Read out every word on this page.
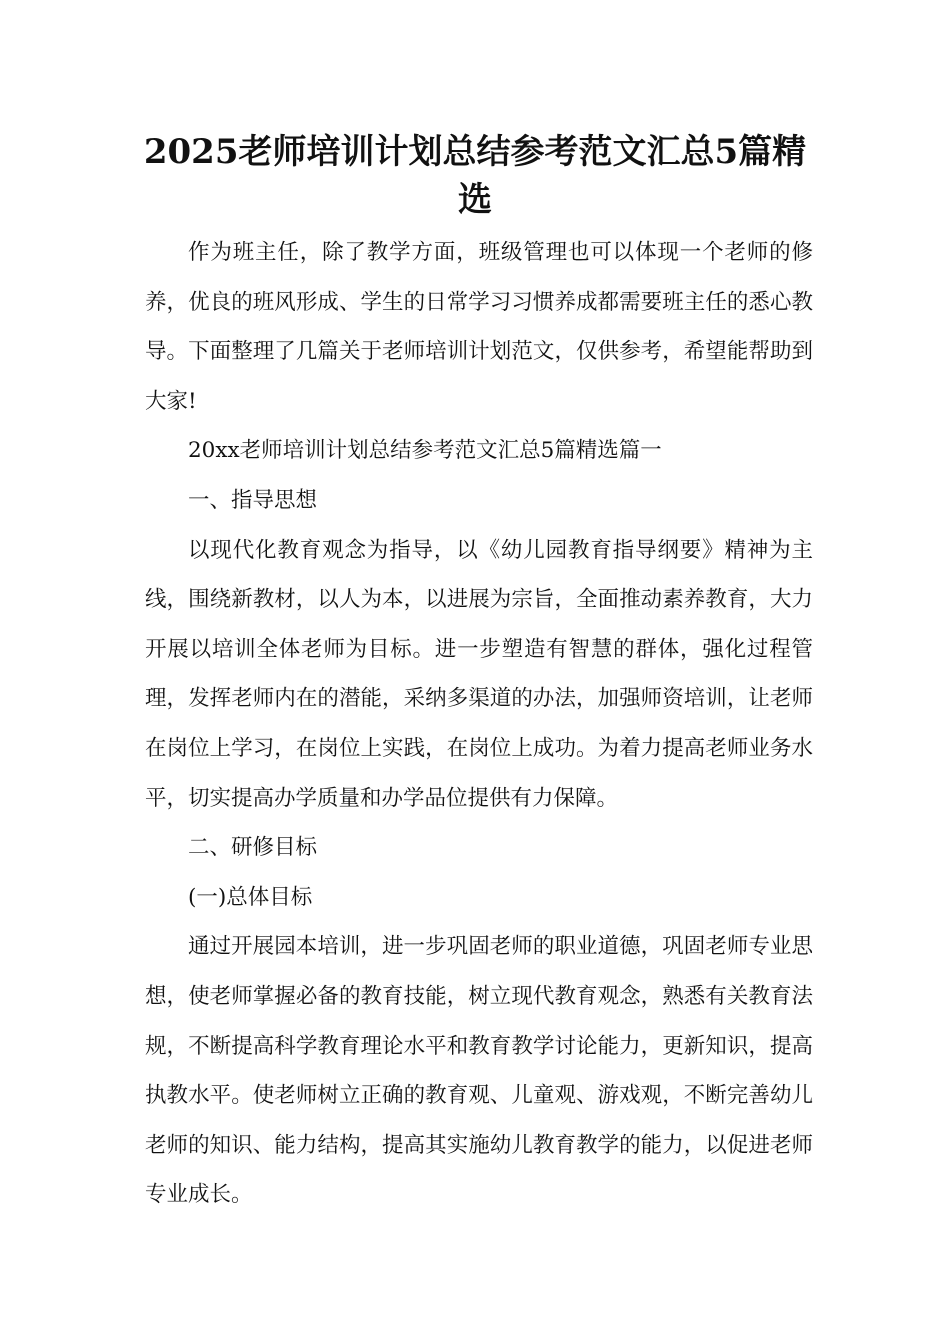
2025老师培训计划总结参考范文汇总5篇精选

作为班主任，除了教学方面，班级管理也可以体现一个老师的修养，优良的班风形成、学生的日常学习习惯养成都需要班主任的悉心教导。下面整理了几篇关于老师培训计划范文，仅供参考，希望能帮助到大家!

20xx老师培训计划总结参考范文汇总5篇精选篇一

一、指导思想

以现代化教育观念为指导，以《幼儿园教育指导纲要》精神为主线，围绕新教材，以人为本，以进展为宗旨，全面推动素养教育，大力开展以培训全体老师为目标。进一步塑造有智慧的群体，强化过程管理，发挥老师内在的潜能，采纳多渠道的办法，加强师资培训，让老师在岗位上学习，在岗位上实践，在岗位上成功。为着力提高老师业务水平，切实提高办学质量和办学品位提供有力保障。

二、研修目标

(一)总体目标

通过开展园本培训，进一步巩固老师的职业道德，巩固老师专业思想，使老师掌握必备的教育技能，树立现代教育观念，熟悉有关教育法规，不断提高科学教育理论水平和教育教学讨论能力，更新知识，提高执教水平。使老师树立正确的教育观、儿童观、游戏观，不断完善幼儿老师的知识、能力结构，提高其实施幼儿教育教学的能力，以促进老师专业成长。
